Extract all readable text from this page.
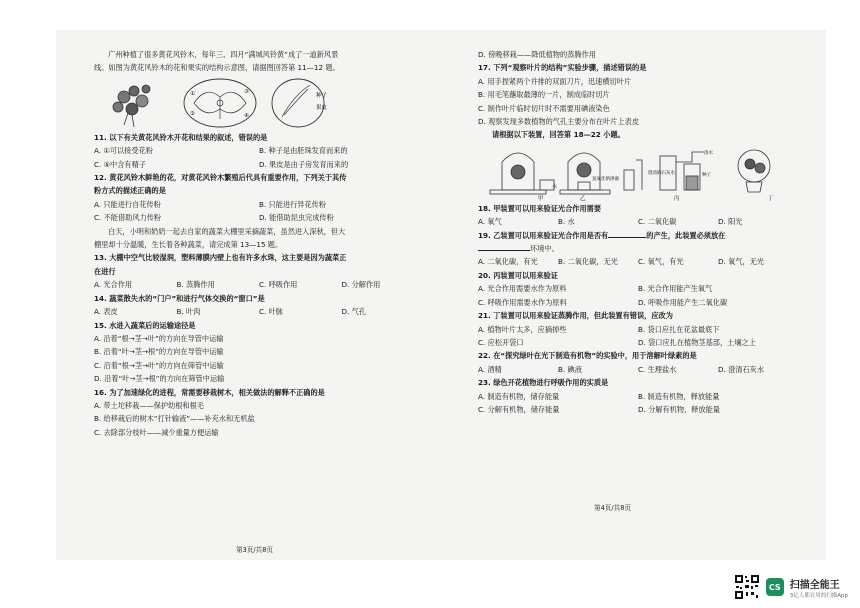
广州种植了很多黄花风铃木，每年三、四月“满城风铃黄”成了一道新风景
线。如图为黄花风铃木的花和果实的结构示意图，请据图回答第 11—12 题。
种子
果皮
①
②
③
④
11. 以下有关黄花风铃木开花和结果的叙述，错误的是
A. ①可以接受花粉	B. 种子是由胚珠发育而来的
C. ⑤中含有精子	D. 果皮是由子房发育而来的
12. 黄花风铃木鲜艳的花，对黄花风铃木繁殖后代具有重要作用，下列关于其传
粉方式的描述正确的是
A. 只能进行自花传粉	B. 只能进行异花传粉
C. 不能借助风力传粉	D. 能借助昆虫完成传粉
白天，小明和奶奶一起去自家的蔬菜大棚里采摘蔬菜，虽然进入深秋，但大
棚里却十分温暖，生长着各种蔬菜，请完成第 13—15 题。
13. 大棚中空气比较湿润，塑料薄膜内壁上也有许多水珠，这主要是因为蔬菜正
在进行
A. 光合作用	B. 蒸腾作用	C. 呼吸作用	D. 分解作用
14. 蔬菜散失水的“门户”和进行气体交换的“窗口”是
A. 表皮	B. 叶肉	C. 叶脉	D. 气孔
15. 水进入蔬菜后的运输途径是
A. 沿着“根→茎→叶”的方向在导管中运输
B. 沿着“叶→茎→根”的方向在导管中运输
C. 沿着“根→茎→叶”的方向在筛管中运输
D. 沿着“叶→茎→根”的方向在筛管中运输
16. 为了加速绿化的进程，常需要移栽树木，相关做法的解释不正确的是
A. 带土坨移栽——保护幼根和根毛
B. 给移栽后的树木“打针输液”——补充水和无机盐
C. 去除部分枝叶——减少重量方便运输
第3页/共8页
D. 傍晚移栽——降低植物的蒸腾作用
17. 下列“观察叶片的结构”实验步骤，描述错误的是
A. 用手捏紧两个并排的双面刀片，迅速横切叶片
B. 用毛笔蘸取最薄的一片，制成临时切片
C. 制作叶片临时切片时不需要用碘液染色
D. 观察发现多数植物的气孔主要分布在叶片上表皮
请根据以下装置，回答第 18—22 小题。
水
氢氧化钠溶液
澄清的石灰水
清水
种子
甲	乙	丙	丁
18. 甲装置可以用来验证光合作用需要
A. 氧气	B. 水	C. 二氧化碳	D. 阳光
19. 乙装置可以用来验证光合作用是否有	的产生，此装置必须放在
环境中。
A. 二氧化碳，有光	B. 二氧化碳，无光	C. 氧气，有光	D. 氧气，无光
20. 丙装置可以用来验证
A. 光合作用需要水作为原料	B. 光合作用能产生氧气
C. 呼吸作用需要水作为原料	D. 呼吸作用能产生二氧化碳
21. 丁装置可以用来验证蒸腾作用，但此装置有错误，应改为
A. 植物叶片太多，应摘掉些	B. 袋口应扎在花盆最底下
C. 应松开袋口	D. 袋口应扎在植物茎基部，土壤之上
22. 在“探究绿叶在光下制造有机物”的实验中，用于溶解叶绿素的是
A. 酒精	B. 碘液	C. 生理盐水	D. 澄清石灰水
23. 绿色开花植物进行呼吸作用的实质是
A. 制造有机物，储存能量	B. 制造有机物，释放能量
C. 分解有机物，储存能量	D. 分解有机物，释放能量
第4页/共8页
CS 扫描全能王
3亿人都在用的扫描App
